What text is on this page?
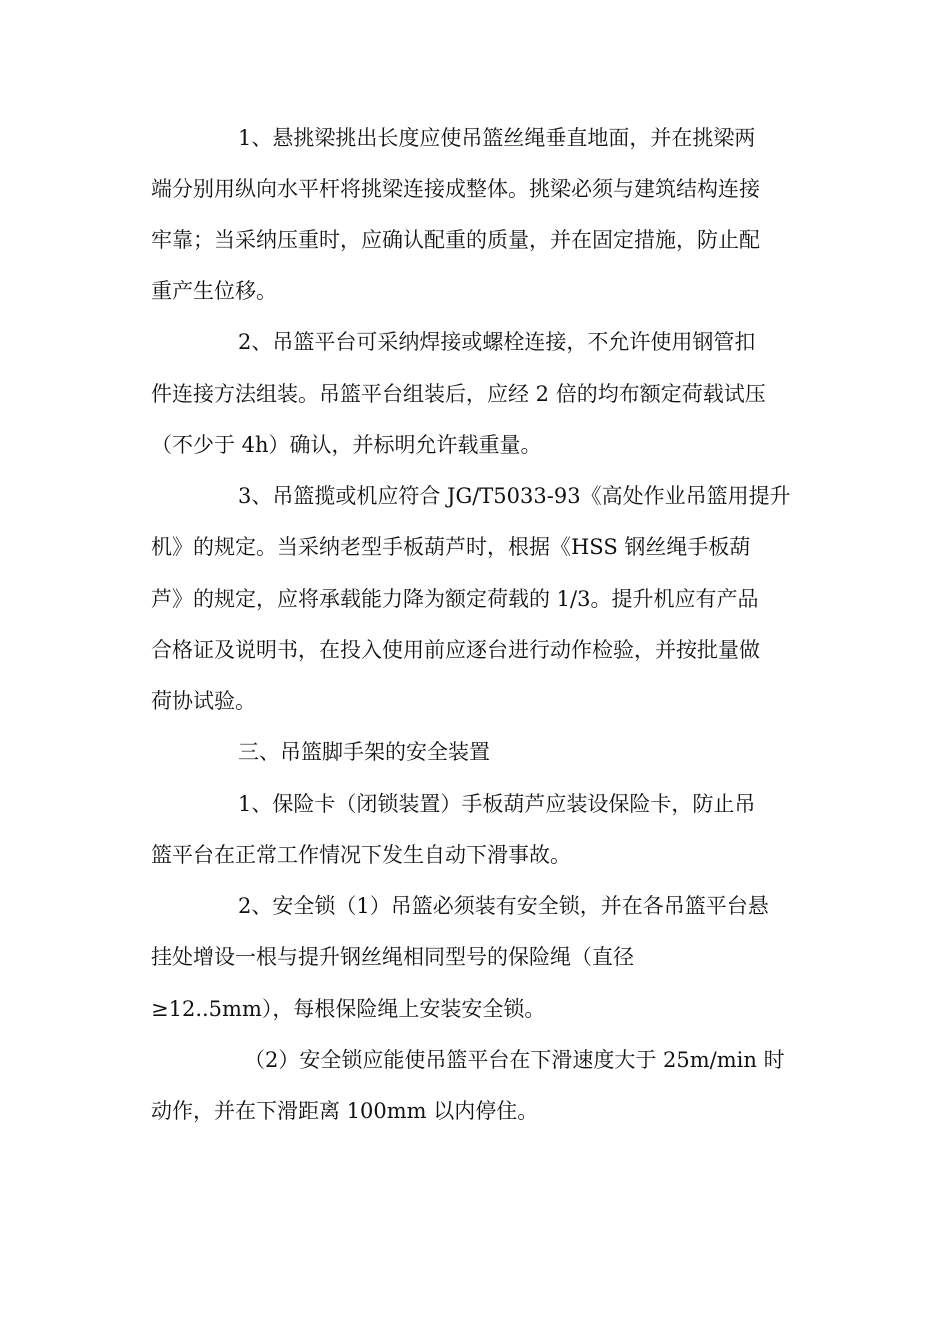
1、悬挑梁挑出长度应使吊篮丝绳垂直地面，并在挑梁两
端分别用纵向水平杆将挑梁连接成整体。挑梁必须与建筑结构连接
牢靠；当采纳压重时，应确认配重的质量，并在固定措施，防止配
重产生位移。
2、吊篮平台可采纳焊接或螺栓连接，不允许使用钢管扣
件连接方法组装。吊篮平台组装后，应经 2 倍的均布额定荷载试压
（不少于 4h）确认，并标明允许载重量。
3、吊篮揽或机应符合 JG/T5033-93《高处作业吊篮用提升
机》的规定。当采纳老型手板葫芦时，根据《HSS 钢丝绳手板葫
芦》的规定，应将承载能力降为额定荷载的 1/3。提升机应有产品
合格证及说明书，在投入使用前应逐台进行动作检验，并按批量做
荷协试验。
三、吊篮脚手架的安全装置
1、保险卡（闭锁装置）手板葫芦应装设保险卡，防止吊
篮平台在正常工作情况下发生自动下滑事故。
2、安全锁（1）吊篮必须装有安全锁，并在各吊篮平台悬
挂处增设一根与提升钢丝绳相同型号的保险绳（直径
≥12..5mm），每根保险绳上安装安全锁。
（2）安全锁应能使吊篮平台在下滑速度大于 25m/min 时
动作，并在下滑距离 100mm 以内停住。
